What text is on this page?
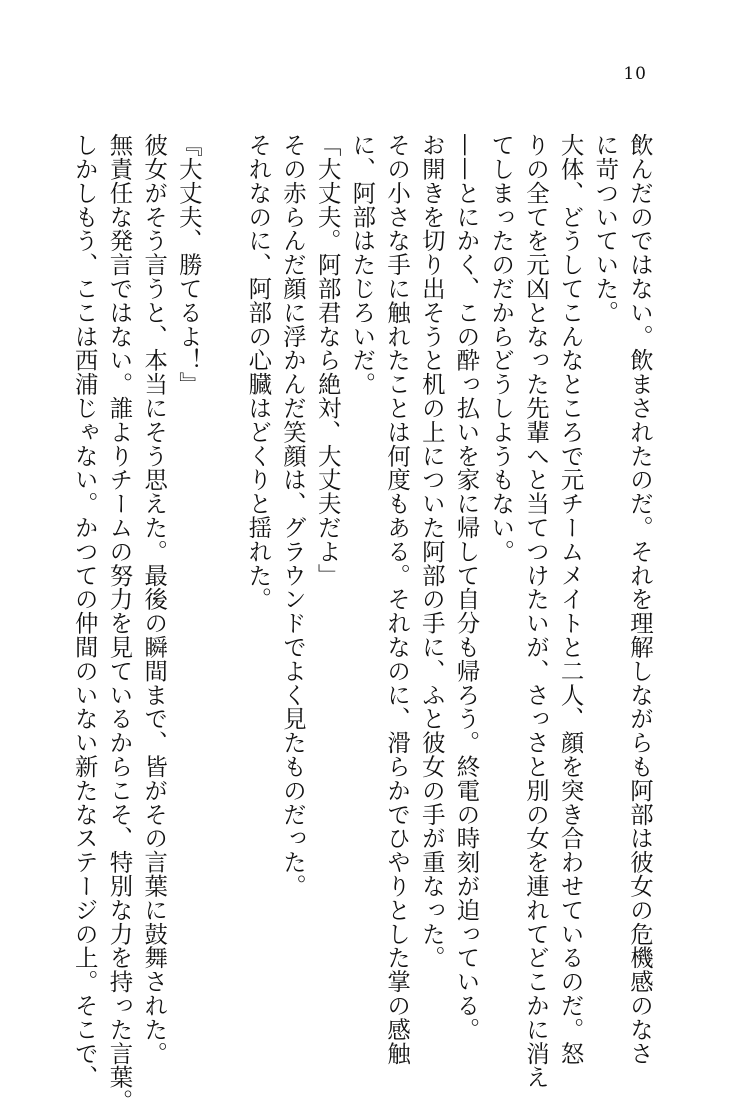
10
飲んだのではない。飲まされたのだ。それを理解しながらも阿部は彼女の危機感のなさ
に苛ついていた。
大体、どうしてこんなところで元チームメイトと二人、顔を突き合わせているのだ。怒
りの全てを元凶となった先輩へと当てつけたいが、さっさと別の女を連れてどこかに消え
てしまったのだからどうしようもない。
——とにかく、この酔っ払いを家に帰して自分も帰ろう。終電の時刻が迫っている。
お開きを切り出そうと机の上についた阿部の手に、ふと彼女の手が重なった。
その小さな手に触れたことは何度もある。それなのに、滑らかでひやりとした掌の感触
に、阿部はたじろいだ。
「大丈夫。阿部君なら絶対、大丈夫だよ」
その赤らんだ顔に浮かんだ笑顔は、グラウンドでよく見たものだった。
それなのに、阿部の心臓はどくりと揺れた。

『大丈夫、勝てるよ！』
彼女がそう言うと、本当にそう思えた。最後の瞬間まで、皆がその言葉に鼓舞された。
無責任な発言ではない。誰よりチームの努力を見ているからこそ、特別な力を持った言葉。
しかしもう、ここは西浦じゃない。かつての仲間のいない新たなステージの上。そこで、
